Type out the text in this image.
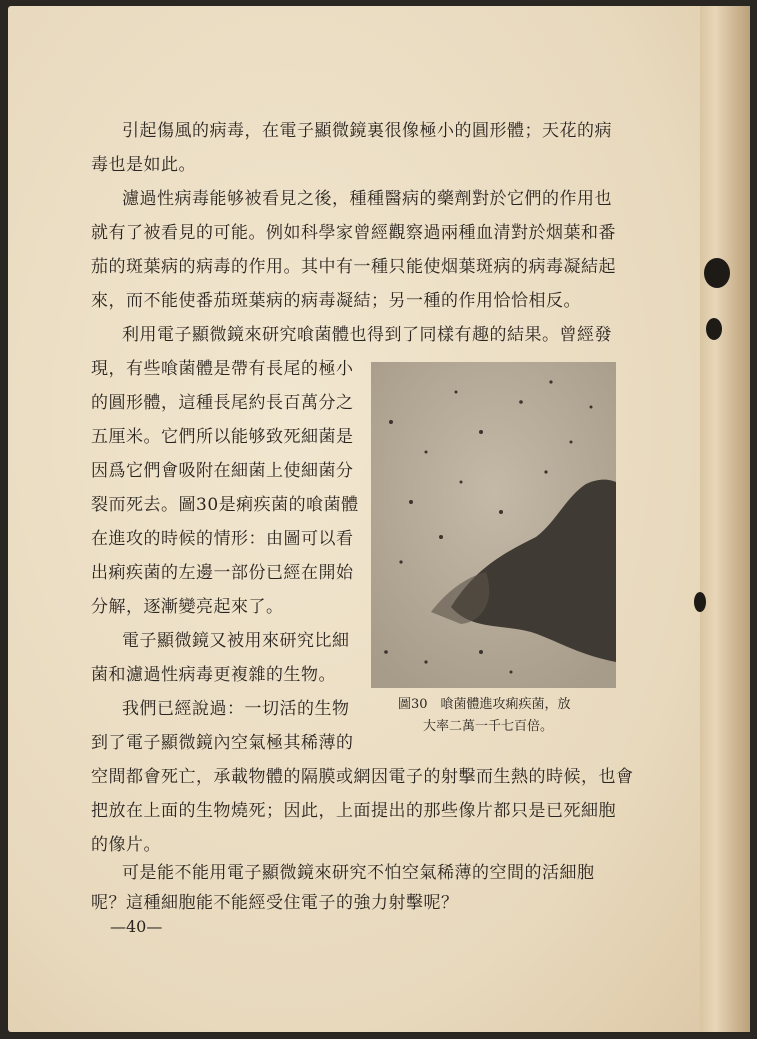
引起傷風的病毒，在電子顯微鏡裏很像極小的圓形體；天花的病
毒也是如此。
濾過性病毒能够被看見之後，種種醫病的藥劑對於它們的作用也
就有了被看見的可能。例如科學家曾經觀察過兩種血清對於烟葉和番
茄的斑葉病的病毒的作用。其中有一種只能使烟葉斑病的病毒凝結起
來，而不能使番茄斑葉病的病毒凝結；另一種的作用恰恰相反。
利用電子顯微鏡來研究喰菌體也得到了同樣有趣的結果。曾經發
現，有些喰菌體是帶有長尾的極小
的圓形體，這種長尾約長百萬分之
五厘米。它們所以能够致死細菌是
因爲它們會吸附在細菌上使細菌分
裂而死去。圖30是痢疾菌的喰菌體
在進攻的時候的情形：由圖可以看
出痢疾菌的左邊一部份已經在開始
分解，逐漸變亮起來了。
電子顯微鏡又被用來研究比細
菌和濾過性病毒更複雜的生物。
我們已經說過：一切活的生物
到了電子顯微鏡內空氣極其稀薄的
空間都會死亡，承載物體的隔膜或網因電子的射擊而生熱的時候，也會
把放在上面的生物燒死；因此，上面提出的那些像片都只是已死細胞
的像片。
可是能不能用電子顯微鏡來研究不怕空氣稀薄的空間的活細胞
呢？這種細胞能不能經受住電子的強力射擊呢？
圖30　喰菌體進攻痢疾菌，放
大率二萬一千七百倍。
—40—
